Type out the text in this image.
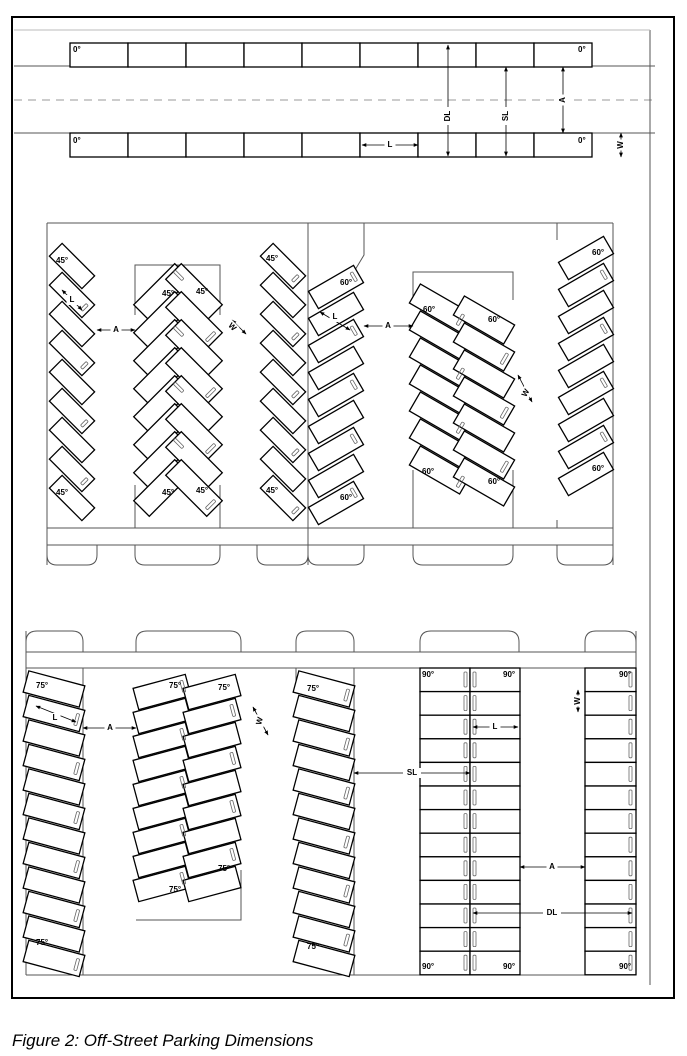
0°	0°
0°	0°
DL	SL
A
L	W
45°
45°
45°	45°
45°	45°
45°
45°
A
L
W
60°
60°
60°
60°
60°
60°
60°
60°
A
L
W
75°
75°
75°	75°
75°
75°
75°
75°
A
L	W
90°	90°	90°
90°	90°	90°
SL
A
DL
L
W
Figure 2: Off-Street Parking Dimensions
